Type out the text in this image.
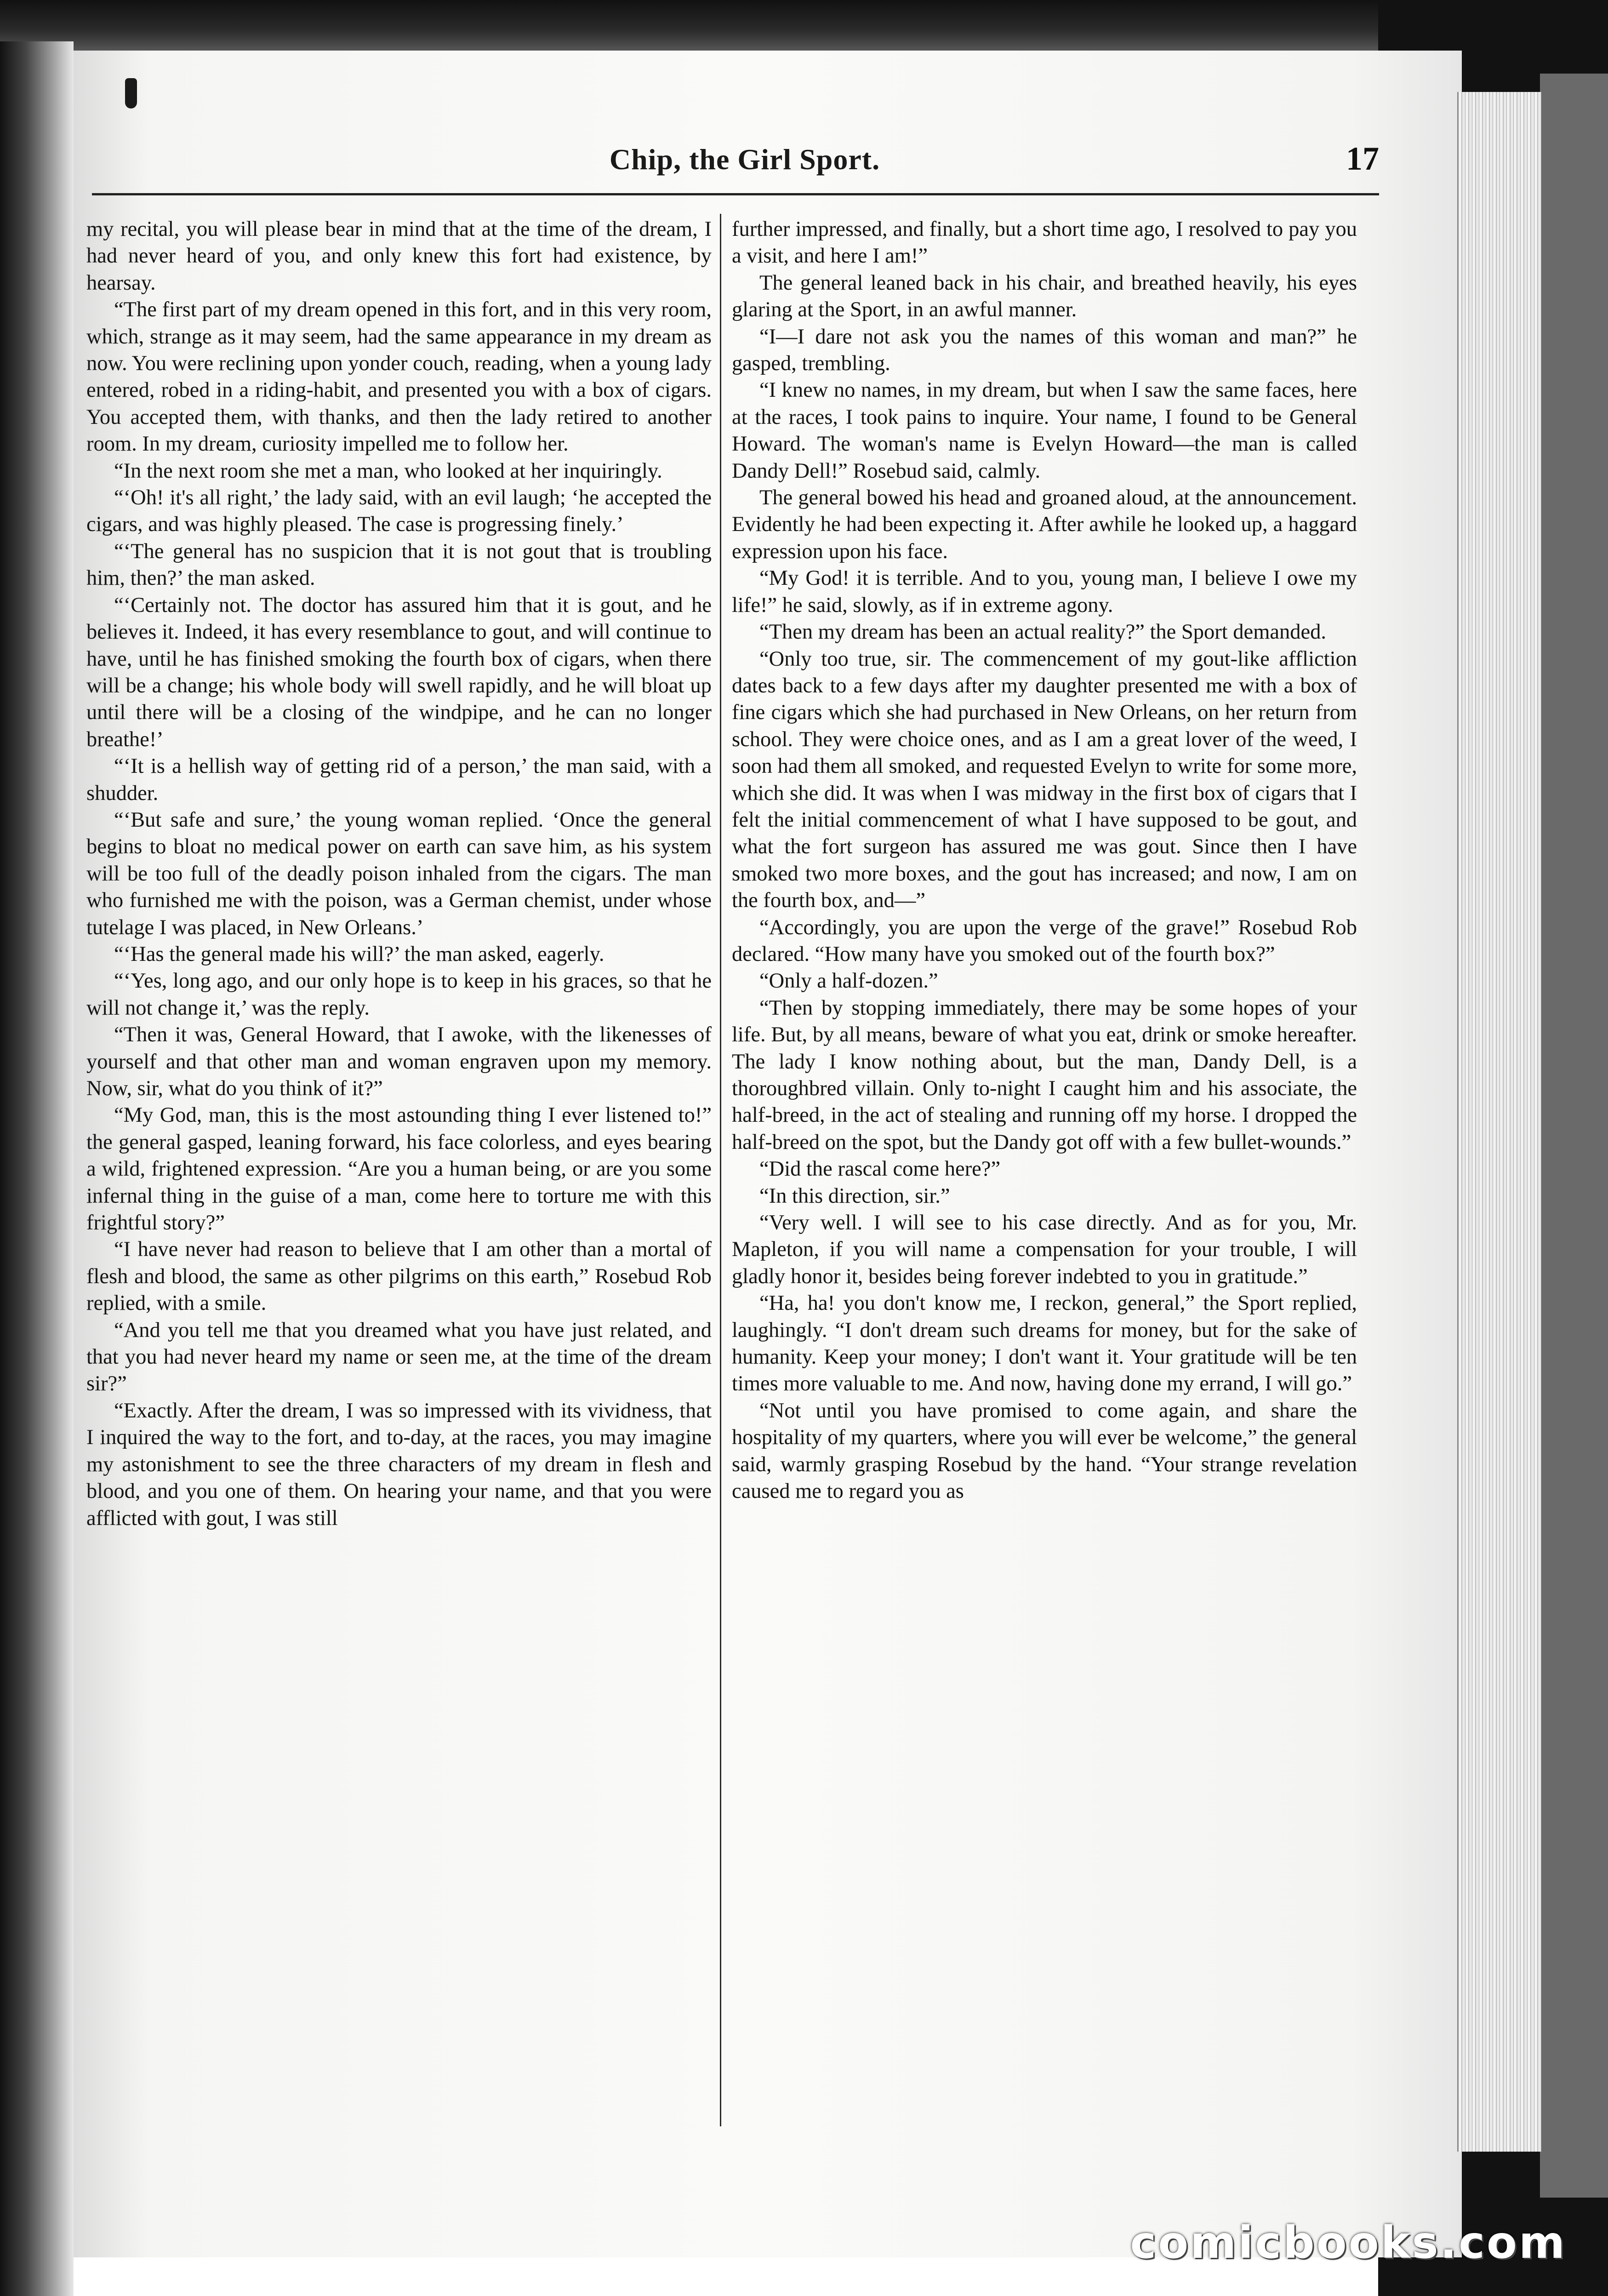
Chip, the Girl Sport.	17

my recital, you will please bear in mind that at the time of the dream, I had never heard of you, and only knew this fort had existence, by hearsay.

“The first part of my dream opened in this fort, and in this very room, which, strange as it may seem, had the same appearance in my dream as now. You were reclining upon yonder couch, reading, when a young lady entered, robed in a riding-habit, and presented you with a box of cigars. You accepted them, with thanks, and then the lady retired to another room. In my dream, curiosity impelled me to follow her.

“In the next room she met a man, who looked at her inquiringly.

“‘Oh! it's all right,’ the lady said, with an evil laugh; ‘he accepted the cigars, and was highly pleased. The case is progressing finely.’

“‘The general has no suspicion that it is not gout that is troubling him, then?’ the man asked.

“‘Certainly not. The doctor has assured him that it is gout, and he believes it. Indeed, it has every resemblance to gout, and will continue to have, until he has finished smoking the fourth box of cigars, when there will be a change; his whole body will swell rapidly, and he will bloat up until there will be a closing of the windpipe, and he can no longer breathe!’

“‘It is a hellish way of getting rid of a person,’ the man said, with a shudder.

“‘But safe and sure,’ the young woman replied. ‘Once the general begins to bloat no medical power on earth can save him, as his system will be too full of the deadly poison inhaled from the cigars. The man who furnished me with the poison, was a German chemist, under whose tutelage I was placed, in New Orleans.’

“‘Has the general made his will?’ the man asked, eagerly.

“‘Yes, long ago, and our only hope is to keep in his graces, so that he will not change it,’ was the reply.

“Then it was, General Howard, that I awoke, with the likenesses of yourself and that other man and woman engraven upon my memory. Now, sir, what do you think of it?”

“My God, man, this is the most astounding thing I ever listened to!” the general gasped, leaning forward, his face colorless, and eyes bearing a wild, frightened expression. “Are you a human being, or are you some infernal thing in the guise of a man, come here to torture me with this frightful story?”

“I have never had reason to believe that I am other than a mortal of flesh and blood, the same as other pilgrims on this earth,” Rosebud Rob replied, with a smile.

“And you tell me that you dreamed what you have just related, and that you had never heard my name or seen me, at the time of the dream sir?”

“Exactly. After the dream, I was so impressed with its vividness, that I inquired the way to the fort, and to-day, at the races, you may imagine my astonishment to see the three characters of my dream in flesh and blood, and you one of them. On hearing your name, and that you were afflicted with gout, I was still

further impressed, and finally, but a short time ago, I resolved to pay you a visit, and here I am!”

The general leaned back in his chair, and breathed heavily, his eyes glaring at the Sport, in an awful manner.

“I—I dare not ask you the names of this woman and man?” he gasped, trembling.

“I knew no names, in my dream, but when I saw the same faces, here at the races, I took pains to inquire. Your name, I found to be General Howard. The woman's name is Evelyn Howard—the man is called Dandy Dell!” Rosebud said, calmly.

The general bowed his head and groaned aloud, at the announcement. Evidently he had been expecting it. After awhile he looked up, a haggard expression upon his face.

“My God! it is terrible. And to you, young man, I believe I owe my life!” he said, slowly, as if in extreme agony.

“Then my dream has been an actual reality?” the Sport demanded.

“Only too true, sir. The commencement of my gout-like affliction dates back to a few days after my daughter presented me with a box of fine cigars which she had purchased in New Orleans, on her return from school. They were choice ones, and as I am a great lover of the weed, I soon had them all smoked, and requested Evelyn to write for some more, which she did. It was when I was midway in the first box of cigars that I felt the initial commencement of what I have supposed to be gout, and what the fort surgeon has assured me was gout. Since then I have smoked two more boxes, and the gout has increased; and now, I am on the fourth box, and—”

“Accordingly, you are upon the verge of the grave!” Rosebud Rob declared. “How many have you smoked out of the fourth box?”

“Only a half-dozen.”

“Then by stopping immediately, there may be some hopes of your life. But, by all means, beware of what you eat, drink or smoke hereafter. The lady I know nothing about, but the man, Dandy Dell, is a thoroughbred villain. Only to-night I caught him and his associate, the half-breed, in the act of stealing and running off my horse. I dropped the half-breed on the spot, but the Dandy got off with a few bullet-wounds.”

“Did the rascal come here?”

“In this direction, sir.”

“Very well. I will see to his case directly. And as for you, Mr. Mapleton, if you will name a compensation for your trouble, I will gladly honor it, besides being forever indebted to you in gratitude.”

“Ha, ha! you don't know me, I reckon, general,” the Sport replied, laughingly. “I don't dream such dreams for money, but for the sake of humanity. Keep your money; I don't want it. Your gratitude will be ten times more valuable to me. And now, having done my errand, I will go.”

“Not until you have promised to come again, and share the hospitality of my quarters, where you will ever be welcome,” the general said, warmly grasping Rosebud by the hand. “Your strange revelation caused me to regard you as

comicbooks.com
